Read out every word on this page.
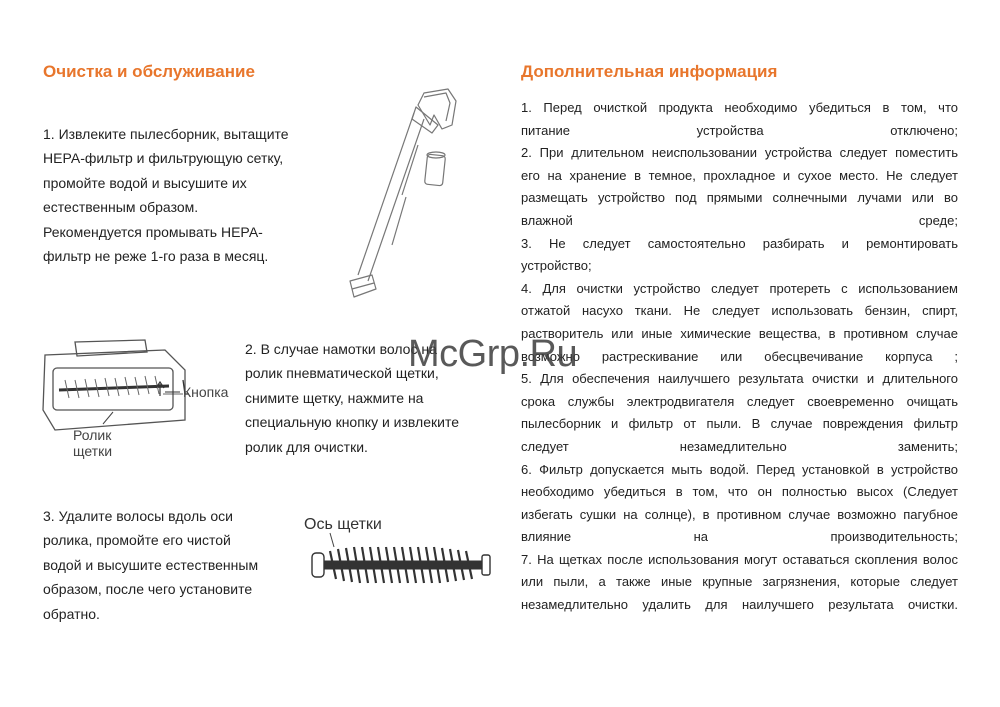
Очистка и обслуживание	Дополнительная информация
1. Извлеките пылесборник, вытащите
НЕРА-фильтр и фильтрующую сетку,
промойте водой и высушите их
естественным образом.
Рекомендуется промывать НЕРА-
фильтр не реже 1-го раза в месяц.
Кнопка
Ролик
щетки
2. В случае намотки волос на
ролик пневматической щетки,
снимите щетку, нажмите на
специальную кнопку и извлеките
ролик для очистки.
3. Удалите волосы вдоль оси
ролика, промойте его чистой
водой и высушите естественным
образом, после чего установите
обратно.
Ось щетки
1. Перед очисткой продукта необходимо убедиться в том, что
питание устройства отключено;
2. При длительном неиспользовании устройства следует поместить
его на хранение в темное, прохладное и сухое место. Не следует
размещать устройство под прямыми солнечными лучами или во
влажной среде;
3. Не следует самостоятельно разбирать и ремонтировать
устройство;
4. Для очистки устройство следует протереть с использованием
отжатой насухо ткани. Не следует использовать бензин, спирт,
растворитель или иные химические вещества, в противном случае
возможно растрескивание или обесцвечивание корпуса ;
5. Для обеспечения наилучшего результата очистки и длительного
срока службы электродвигателя следует своевременно очищать
пылесборник и фильтр от пыли. В случае повреждения фильтр
следует незамедлительно заменить;
6. Фильтр допускается мыть водой. Перед установкой в устройство
необходимо убедиться в том, что он полностью высох (Следует
избегать сушки на солнце), в противном случае возможно пагубное
влияние на производительность;
7. На щетках после использования могут оставаться скопления волос
или пыли, а также иные крупные загрязнения, которые следует
незамедлительно удалить для наилучшего результата очистки.
McGrp.Ru
